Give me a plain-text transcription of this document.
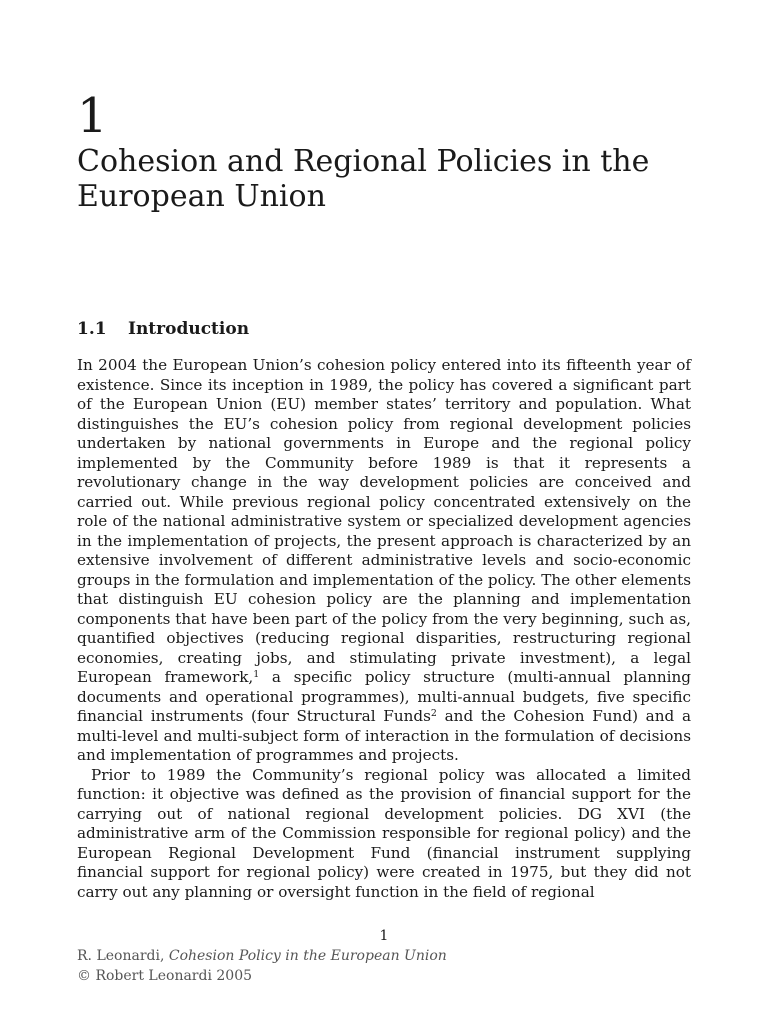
1
Cohesion and Regional Policies in the European Union
1.1 Introduction

In 2004 the European Union’s cohesion policy entered into its fifteenth year of existence. Since its inception in 1989, the policy has covered a significant part of the European Union (EU) member states’ territory and population. What distinguishes the EU’s cohesion policy from regional development policies undertaken by national governments in Europe and the regional policy implemented by the Community before 1989 is that it represents a revolutionary change in the way development policies are conceived and carried out. While previous regional policy concentrated extensively on the role of the national administrative system or specialized development agencies in the implementation of projects, the present approach is characterized by an extensive involvement of different administrative levels and socio-economic groups in the formulation and implementation of the policy. The other elements that distinguish EU cohesion policy are the planning and implementation components that have been part of the policy from the very beginning, such as, quantified objectives (reducing regional disparities, restructuring regional economies, creating jobs, and stimulating private investment), a legal European framework,$^1$ a specific policy structure (multi-annual planning documents and operational programmes), multi-annual budgets, five specific financial instruments (four Structural Funds$^2$ and the Cohesion Fund) and a multi-level and multi-subject form of interaction in the formulation of decisions and implementation of programmes and projects.

Prior to 1989 the Community’s regional policy was allocated a limited function: it objective was defined as the provision of financial support for the carrying out of national regional development policies. DG XVI (the administrative arm of the Commission responsible for regional policy) and the European Regional Development Fund (financial instrument supplying financial support for regional policy) were created in 1975, but they did not carry out any planning or oversight function in the field of regional

1
R. Leonardi, Cohesion Policy in the European Union
© Robert Leonardi 2005
